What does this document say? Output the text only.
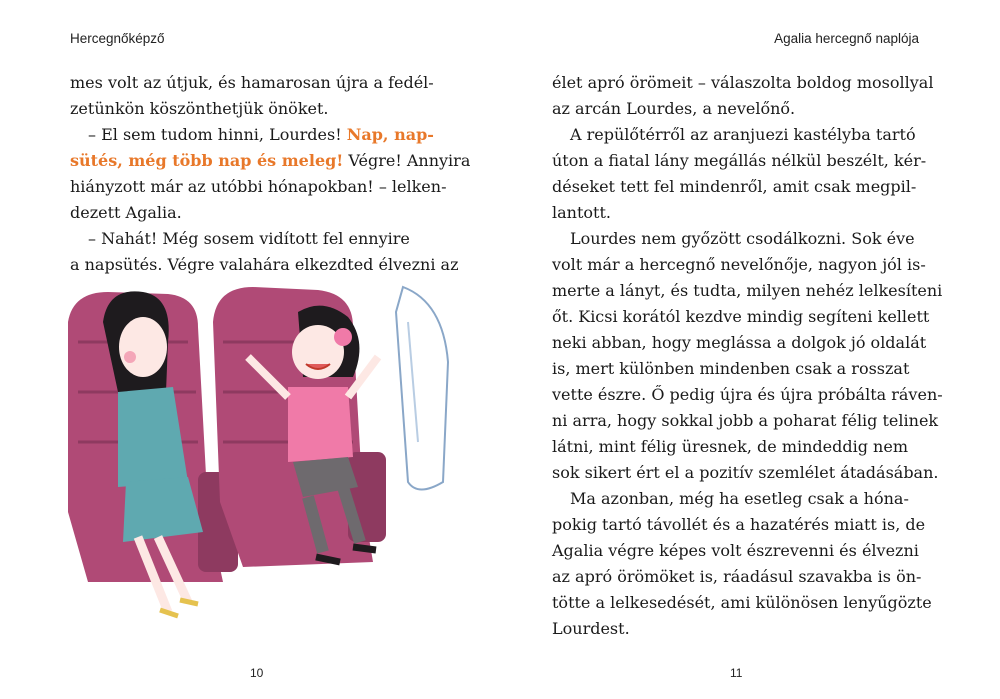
Hercegnőképző
mes volt az útjuk, és hamarosan újra a fedél-
zetünkön köszönthetjük önöket.
– El sem tudom hinni, Lourdes! Nap, nap-
sütés, még több nap és meleg! Végre! Annyira
hiányzott már az utóbbi hónapokban! – lelken-
dezett Agalia.
– Nahát! Még sosem vidított fel ennyire
a napsütés. Végre valahára elkezdted élvezni az
10
Agalia hercegnő naplója
élet apró örömeit – válaszolta boldog mosollyal
az arcán Lourdes, a nevelőnő.
A repülőtérről az aranjuezi kastélyba tartó
úton a fiatal lány megállás nélkül beszélt, kér-
déseket tett fel mindenről, amit csak megpil-
lantott.
Lourdes nem győzött csodálkozni. Sok éve
volt már a hercegnő nevelőnője, nagyon jól is-
merte a lányt, és tudta, milyen nehéz lelkesíteni
őt. Kicsi korától kezdve mindig segíteni kellett
neki abban, hogy meglássa a dolgok jó oldalát
is, mert különben mindenben csak a rosszat
vette észre. Ő pedig újra és újra próbálta ráven-
ni arra, hogy sokkal jobb a poharat félig telinek
látni, mint félig üresnek, de mindeddig nem
sok sikert ért el a pozitív szemlélet átadásában.
Ma azonban, még ha esetleg csak a hóna-
pokig tartó távollét és a hazatérés miatt is, de
Agalia végre képes volt észrevenni és élvezni
az apró örömöket is, ráadásul szavakba is ön-
tötte a lelkesedését, ami különösen lenyűgözte
Lourdest.
11
